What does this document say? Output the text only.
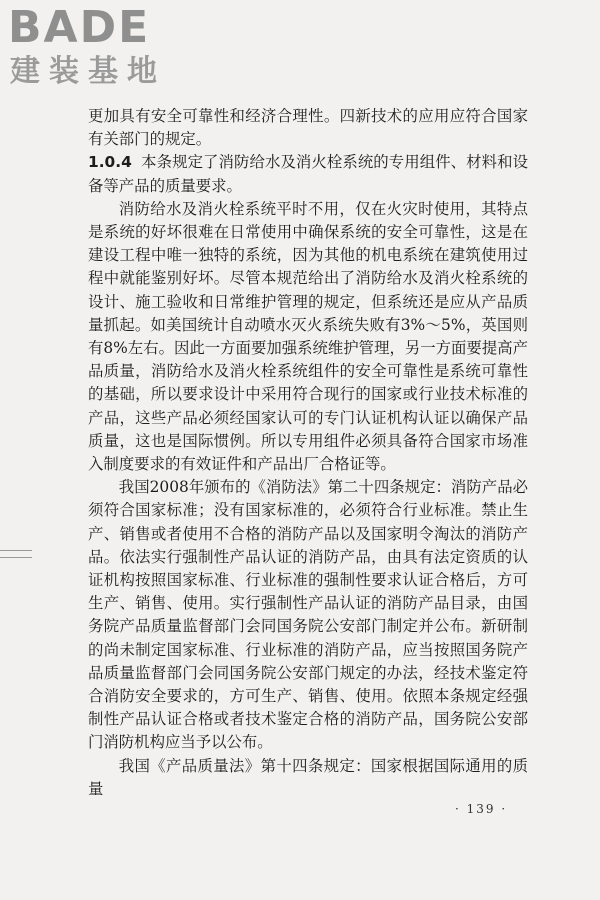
BADE
建装基地

更加具有安全可靠性和经济合理性。四新技术的应用应符合国家有关部门的规定。

1.0.4 本条规定了消防给水及消火栓系统的专用组件、材料和设备等产品的质量要求。

消防给水及消火栓系统平时不用，仅在火灾时使用，其特点是系统的好坏很难在日常使用中确保系统的安全可靠性，这是在建设工程中唯一独特的系统，因为其他的机电系统在建筑使用过程中就能鉴别好坏。尽管本规范给出了消防给水及消火栓系统的设计、施工验收和日常维护管理的规定，但系统还是应从产品质量抓起。如美国统计自动喷水灭火系统失败有3%～5%，英国则有8%左右。因此一方面要加强系统维护管理，另一方面要提高产品质量，消防给水及消火栓系统组件的安全可靠性是系统可靠性的基础，所以要求设计中采用符合现行的国家或行业技术标准的产品，这些产品必须经国家认可的专门认证机构认证以确保产品质量，这也是国际惯例。所以专用组件必须具备符合国家市场准入制度要求的有效证件和产品出厂合格证等。

我国2008年颁布的《消防法》第二十四条规定：消防产品必须符合国家标准；没有国家标准的，必须符合行业标准。禁止生产、销售或者使用不合格的消防产品以及国家明令淘汰的消防产品。依法实行强制性产品认证的消防产品，由具有法定资质的认证机构按照国家标准、行业标准的强制性要求认证合格后，方可生产、销售、使用。实行强制性产品认证的消防产品目录，由国务院产品质量监督部门会同国务院公安部门制定并公布。新研制的尚未制定国家标准、行业标准的消防产品，应当按照国务院产品质量监督部门会同国务院公安部门规定的办法，经技术鉴定符合消防安全要求的，方可生产、销售、使用。依照本条规定经强制性产品认证合格或者技术鉴定合格的消防产品，国务院公安部门消防机构应当予以公布。

我国《产品质量法》第十四条规定：国家根据国际通用的质量

· 139 ·
